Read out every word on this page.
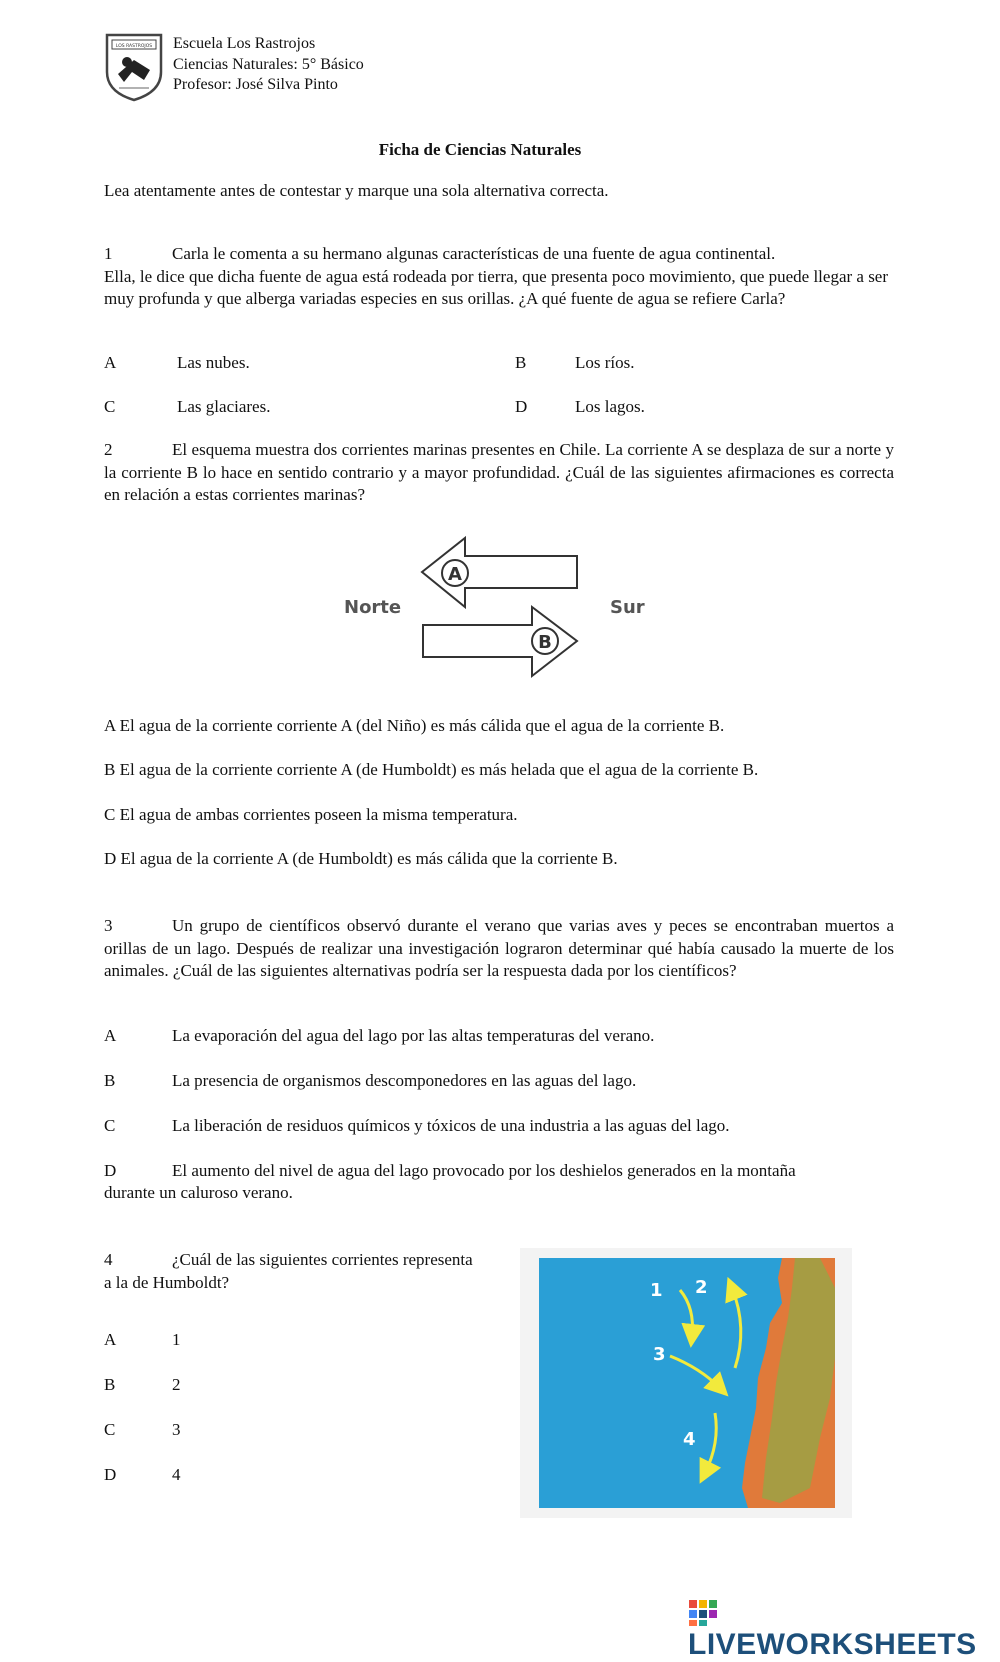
LOS RASTROJOS Escuela Los Rastrojos
Ciencias Naturales: 5° Básico
Profesor: José Silva Pinto
Ficha de Ciencias Naturales
Lea atentamente antes de contestar y marque una sola alternativa correcta.
1	Carla le comenta a su hermano algunas características de una fuente de agua continental.
Ella, le dice que dicha fuente de agua está rodeada por tierra, que presenta poco movimiento, que puede llegar a ser muy profunda y que alberga variadas especies en sus orillas. ¿A qué fuente de agua se refiere Carla?
A	Las nubes.	B	Los ríos.
C	Las glaciares.	D	Los lagos.
2	El esquema muestra dos corrientes marinas presentes en Chile. La corriente A se desplaza de sur a norte y la corriente B lo hace en sentido contrario y a mayor profundidad. ¿Cuál de las siguientes afirmaciones es correcta en relación a estas corrientes marinas?
Norte	Sur
A
B
A El agua de la corriente corriente A (del Niño) es más cálida que el agua de la corriente B.
B El agua de la corriente corriente A (de Humboldt) es más helada que el agua de la corriente B.
C El agua de ambas corrientes poseen la misma temperatura.
D El agua de la corriente A (de Humboldt) es más cálida que la corriente B.
3	Un grupo de científicos observó durante el verano que varias aves y peces se encontraban muertos a orillas de un lago. Después de realizar una investigación lograron determinar qué había causado la muerte de los animales. ¿Cuál de las siguientes alternativas podría ser la respuesta dada por los científicos?
A	La evaporación del agua del lago por las altas temperaturas del verano.
B	La presencia de organismos descomponedores en las aguas del lago.
C	La liberación de residuos químicos y tóxicos de una industria a las aguas del lago.
D	El aumento del nivel de agua del lago provocado por los deshielos generados en la montaña
durante un caluroso verano.
4	¿Cuál de las siguientes corrientes representa
a la de Humboldt?
A	1
B	2
C	3
D	4
1 2
3
4
LIVEWORKSHEETS
